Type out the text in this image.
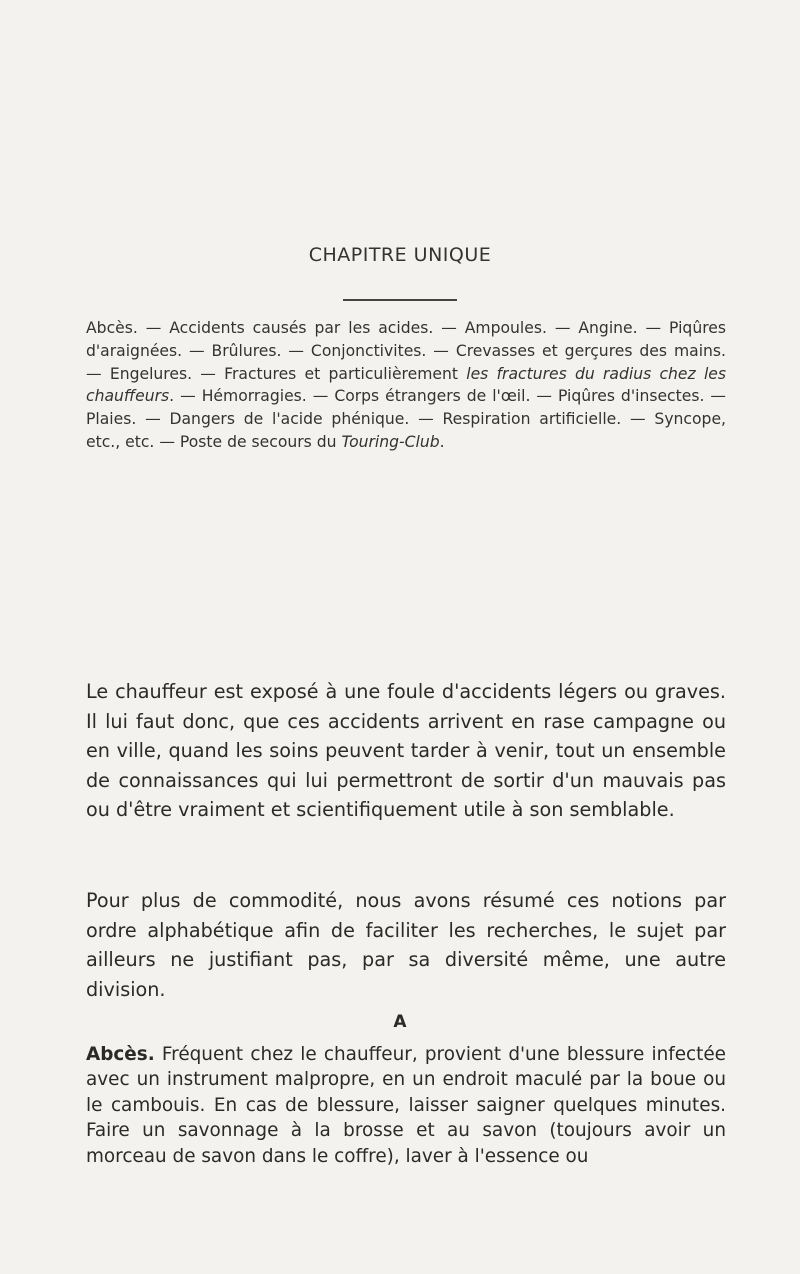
CHAPITRE UNIQUE
Abcès. — Accidents causés par les acides. — Ampoules. — Angine. — Piqûres d'araignées. — Brûlures. — Conjonctivites. — Crevasses et gerçures des mains. — Engelures. — Fractures et particulièrement les fractures du radius chez les chauffeurs. — Hémorragies. — Corps étrangers de l'œil. — Piqûres d'insectes. — Plaies. — Dangers de l'acide phénique. — Respiration artificielle. — Syncope, etc., etc. — Poste de secours du Touring-Club.
Le chauffeur est exposé à une foule d'accidents légers ou graves. Il lui faut donc, que ces accidents arrivent en rase campagne ou en ville, quand les soins peuvent tarder à venir, tout un ensemble de connaissances qui lui permettront de sortir d'un mauvais pas ou d'être vraiment et scientifiquement utile à son semblable.
Pour plus de commodité, nous avons résumé ces notions par ordre alphabétique afin de faciliter les recherches, le sujet par ailleurs ne justifiant pas, par sa diversité même, une autre division.
A
Abcès. Fréquent chez le chauffeur, provient d'une blessure infectée avec un instrument malpropre, en un endroit maculé par la boue ou le cambouis. En cas de blessure, laisser saigner quelques minutes. Faire un savonnage à la brosse et au savon (toujours avoir un morceau de savon dans le coffre), laver à l'essence ou
